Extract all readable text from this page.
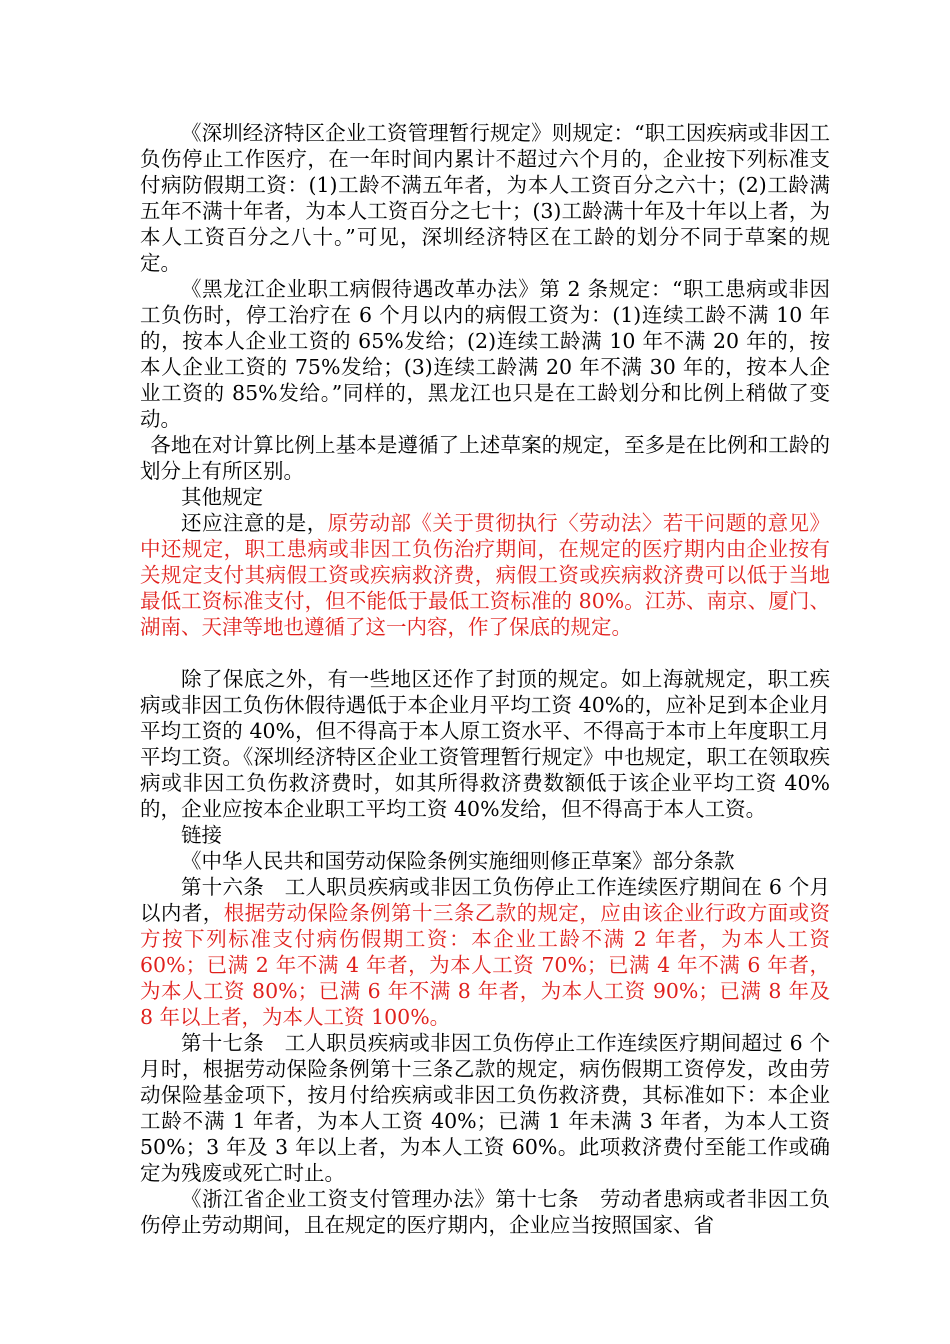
《深圳经济特区企业工资管理暂行规定》则规定：“职工因疾病或非因工负伤停止工作医疗，在一年时间内累计不超过六个月的，企业按下列标准支付病防假期工资：(1)工龄不满五年者，为本人工资百分之六十；(2)工龄满五年不满十年者，为本人工资百分之七十；(3)工龄满十年及十年以上者，为本人工资百分之八十。”可见，深圳经济特区在工龄的划分不同于草案的规定。

《黑龙江企业职工病假待遇改革办法》第 2 条规定：“职工患病或非因工负伤时，停工治疗在 6 个月以内的病假工资为：(1)连续工龄不满 10 年的，按本人企业工资的 65%发给；(2)连续工龄满 10 年不满 20 年的，按本人企业工资的 75%发给；(3)连续工龄满 20 年不满 30 年的，按本人企业工资的 85%发给。”同样的，黑龙江也只是在工龄划分和比例上稍做了变动。

各地在对计算比例上基本是遵循了上述草案的规定，至多是在比例和工龄的划分上有所区别。

其他规定

还应注意的是，原劳动部《关于贯彻执行〈劳动法〉若干问题的意见》中还规定，职工患病或非因工负伤治疗期间，在规定的医疗期内由企业按有关规定支付其病假工资或疾病救济费，病假工资或疾病救济费可以低于当地最低工资标准支付，但不能低于最低工资标准的 80%。江苏、南京、厦门、湖南、天津等地也遵循了这一内容，作了保底的规定。

除了保底之外，有一些地区还作了封顶的规定。如上海就规定，职工疾病或非因工负伤休假待遇低于本企业月平均工资 40%的，应补足到本企业月平均工资的 40%，但不得高于本人原工资水平、不得高于本市上年度职工月平均工资。《深圳经济特区企业工资管理暂行规定》中也规定，职工在领取疾病或非因工负伤救济费时，如其所得救济费数额低于该企业平均工资 40%的，企业应按本企业职工平均工资 40%发给，但不得高于本人工资。

链接

《中华人民共和国劳动保险条例实施细则修正草案》部分条款

第十六条　工人职员疾病或非因工负伤停止工作连续医疗期间在 6 个月以内者，根据劳动保险条例第十三条乙款的规定，应由该企业行政方面或资方按下列标准支付病伤假期工资：本企业工龄不满 2 年者，为本人工资 60%；已满 2 年不满 4 年者，为本人工资 70%；已满 4 年不满 6 年者，为本人工资 80%；已满 6 年不满 8 年者，为本人工资 90%；已满 8 年及 8 年以上者，为本人工资 100%。

第十七条　工人职员疾病或非因工负伤停止工作连续医疗期间超过 6 个月时，根据劳动保险条例第十三条乙款的规定，病伤假期工资停发，改由劳动保险基金项下，按月付给疾病或非因工负伤救济费，其标准如下：本企业工龄不满 1 年者，为本人工资 40%；已满 1 年未满 3 年者，为本人工资 50%；3 年及 3 年以上者，为本人工资 60%。此项救济费付至能工作或确定为残废或死亡时止。

《浙江省企业工资支付管理办法》第十七条　劳动者患病或者非因工负伤停止劳动期间，且在规定的医疗期内，企业应当按照国家、省
